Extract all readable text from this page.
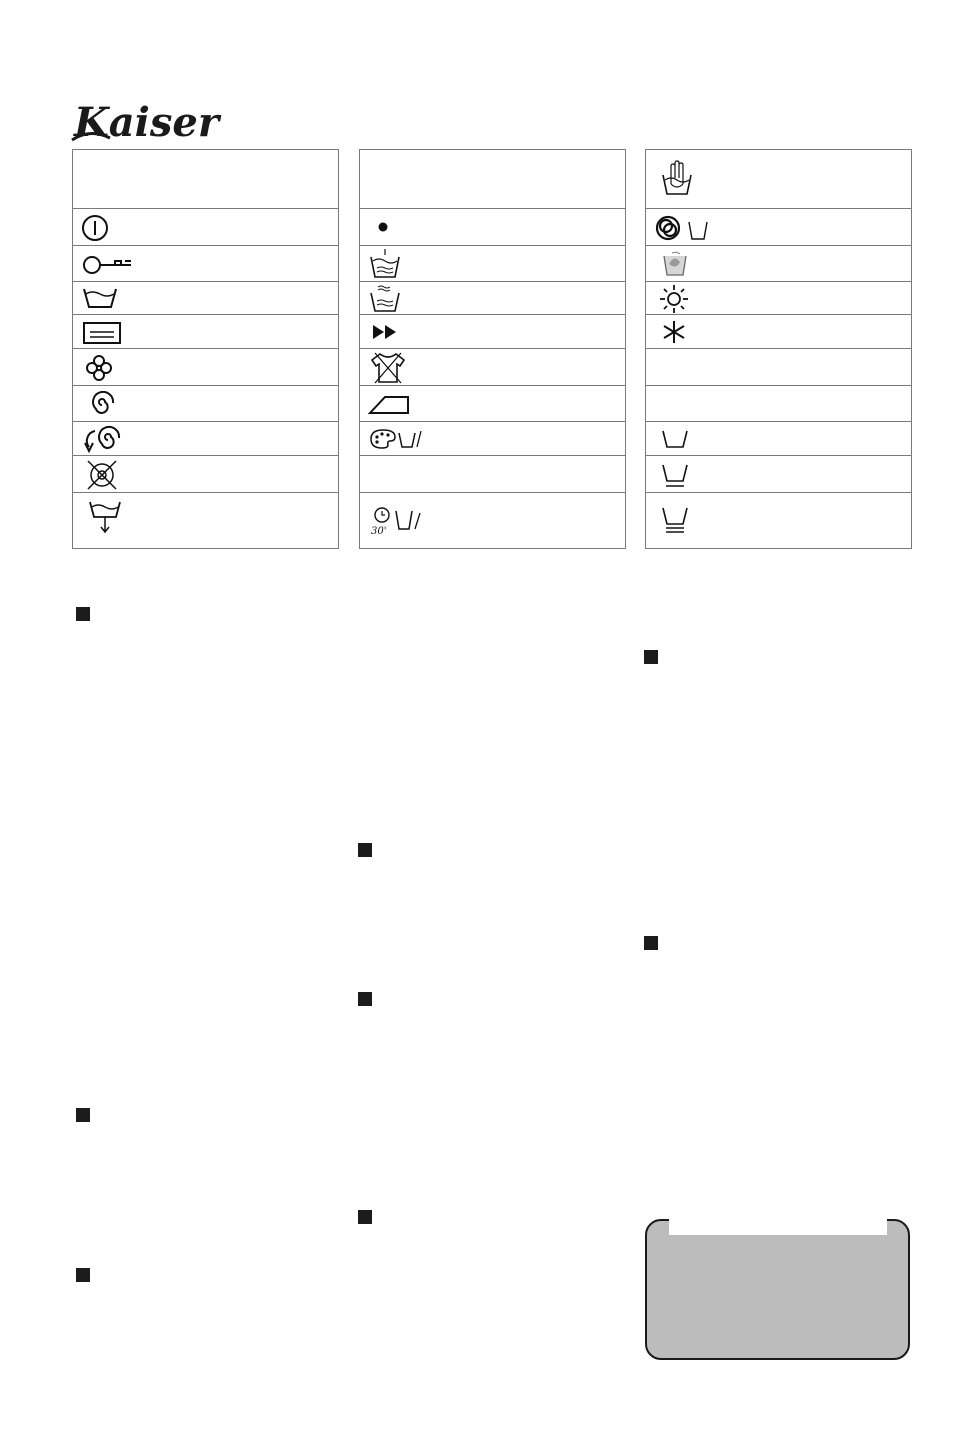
Kaiser
30'
